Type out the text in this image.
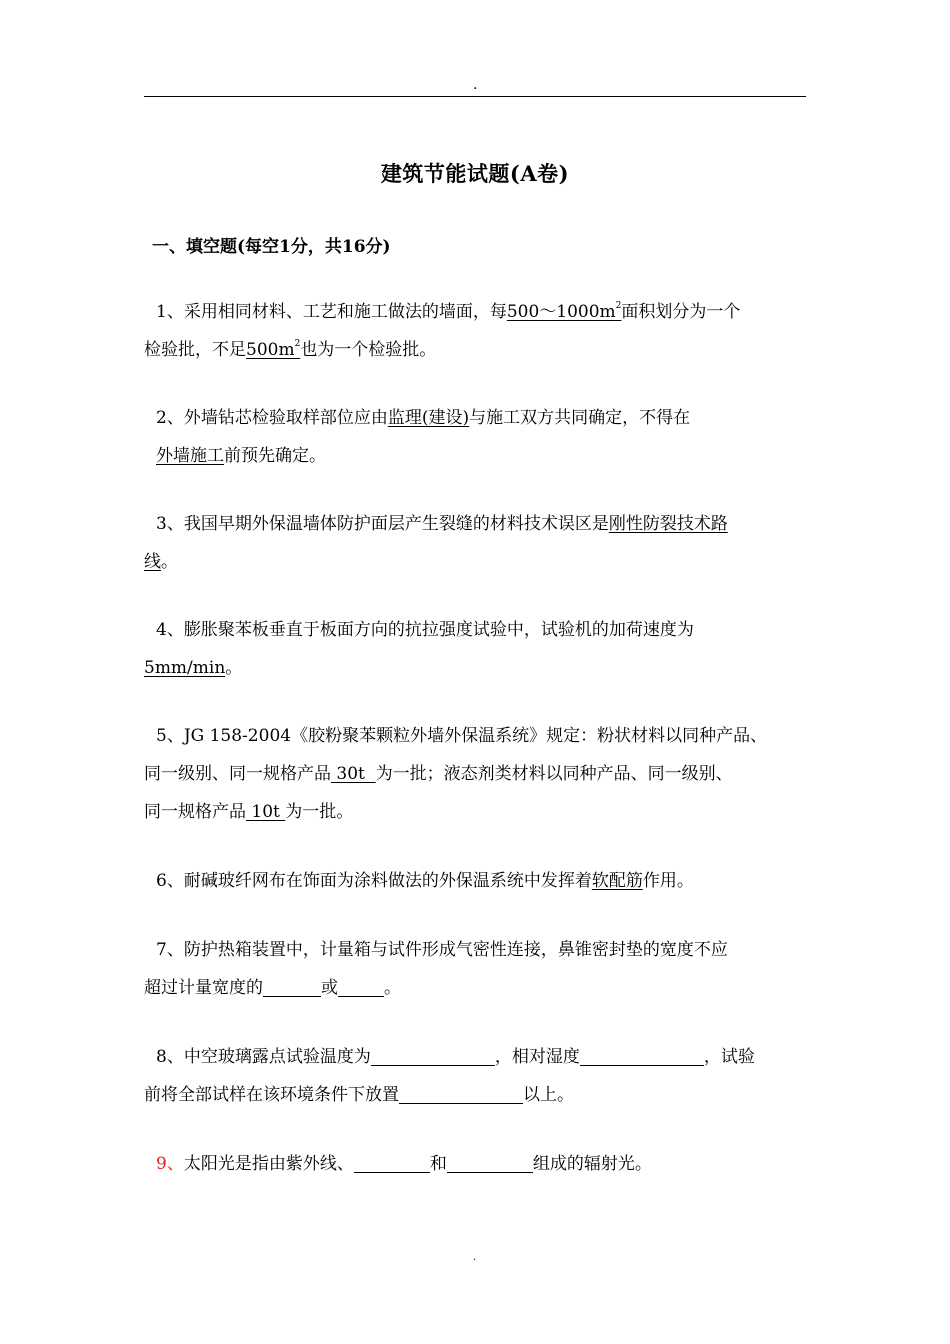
.
建筑节能试题(A卷)
一、填空题(每空1分，共16分)

1、采用相同材料、工艺和施工做法的墙面，每$500\sim 1000m^2$面积划分为一个

检验批，不足$500m^2$也为一个检验批。

2、外墙钻芯检验取样部位应由监理(建设)与施工双方共同确定，不得在

外墙施工前预先确定。

3、我国早期外保温墙体防护面层产生裂缝的材料技术误区是刚性防裂技术路

线。

4、膨胀聚苯板垂直于板面方向的抗拉强度试验中，试验机的加荷速度为

5mm/min。

5、JG 158-2004《胶粉聚苯颗粒外墙外保温系统》规定：粉状材料以同种产品、

同一级别、同一规格产品 30t  为一批；液态剂类材料以同种产品、同一级别、

同一规格产品 10t 为一批。

6、耐碱玻纤网布在饰面为涂料做法的外保温系统中发挥着软配筋作用。

7、防护热箱装置中，计量箱与试件形成气密性连接，鼻锥密封垫的宽度不应

超过计量宽度的	或	。

8、中空玻璃露点试验温度为	，相对湿度	，试验

前将全部试样在该环境条件下放置	以上。

9、太阳光是指由紫外线、	和	组成的辐射光。

.
